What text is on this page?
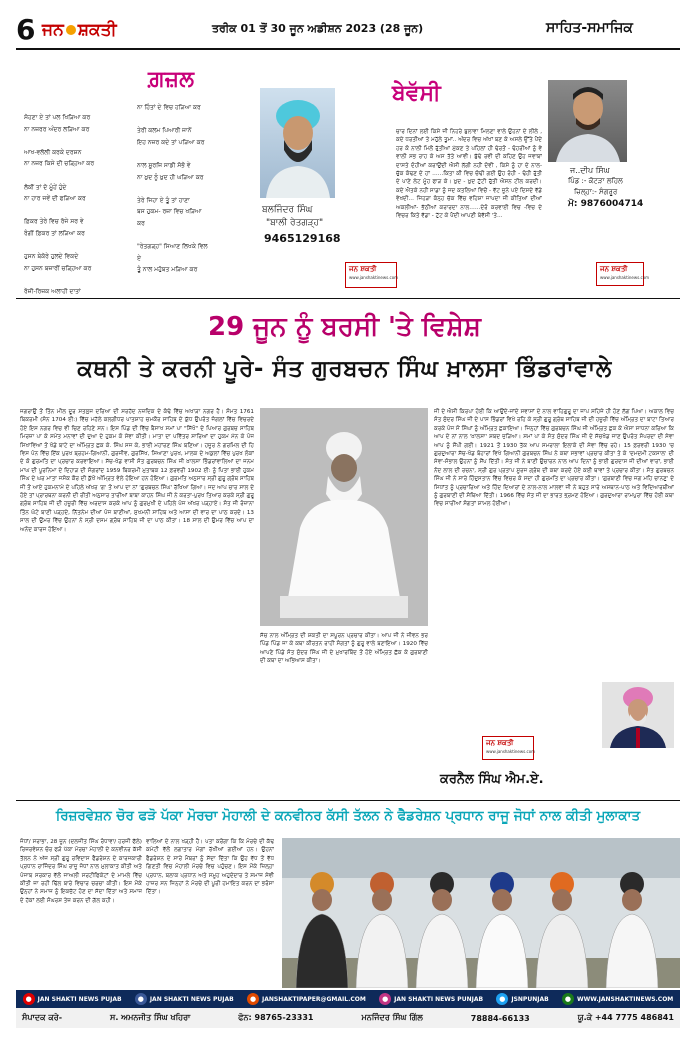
6 ਜਨ ਸ਼ਕਤੀ	ਤਰੀਕ 01 ਤੋਂ 30 ਜੂਨ ਅਡੀਸ਼ਨ 2023 (28 ਜੂਨ)	ਸਾਹਿਤ-ਸਮਾਜਿਕ
ਗ਼ਜ਼ਲ
ਸੋਹਣਾ ਏ ਤਾਂ ਪਲ ਖਿੜਿਆ ਕਰ
ਨਾ ਨਜ਼ਰਰ ਅੰਦਰ ਲੜਿਆ ਕਰ

ਆਖ-ਵਲੱਲੀ ਕਰਕੇ ਦਰਸ਼ਨ
ਨਾ ਨਜ਼ਰ ਕਿਸੇ ਦੀ ਚੜ੍ਹਿਆ ਕਰ

ਲੋਕੀਂ ਤਾਂ ਦੋ ਮੂੰਹੇਂ ਹੁੰਦੇ
ਨਾ ਹਾਰ ਜਵੇਂ ਦੀ ਫੜਿਆ ਕਰ

ਫ਼ਿਕਰ ਤੇਰੇ ਵਿਚ ਰੱਜੇ ਸਰ ਵੇ
ਰੰਗੀਂ ਫ਼ਿਕਰ ਤਾਂ ਲੜਿਆ ਕਰ

ਹੁਸਨ ਬੇਕੋਰੇ ਹੁਲਦੇ ਵਿਕਦੇ
ਨਾ ਹੁਸਨ ਬਜ਼ਾਰੀਂ ਚੜ੍ਹਿਆ ਕਰ

ਰੋਜ਼ੀ-ਰਿਜ਼ਕ ਅਲਾਹੀ ਦਾਤਾਂ
ਨਾ ਹਿੰਤਾਂ ਦੇ ਵਿਚ ਹੜਿਆ ਕਰ

ਤੇਰੀ ਕਲਮ ਪਿਆਰੀ ਜਾਨੋਂ
ਇਹ ਨਜ਼ਰ ਕਦੇ ਤਾਂ ਪੜਿਆ ਕਰ

ਨਾਲ ਸੂਰਜਿ ਸਾਡੀ ਸੱਭੋ ਵੇ
ਨਾ ਖ਼ੁਦ ਨੂੰ ਖ਼ੁਦ ਹੀ ਘੜਿਆ ਕਰ

ਤੇਰੇ ਜਿਹਾ ਏ ਤੂੰ ਤਾਂ ਹਾਣਾ
ਬਸ ਹੁਕਮ- ਰਜ਼ਾ ਵਿਚ ਖੜਿਆ
ਕਰ

"ਰੇਤਗੜ੍ਹ" ਸਿਆਣ ਲਿਖਕੇ ਵਿਲ
ਏ
ਤੂੰ ਨਾਲ ਮਹੁੱਬਤ ਮੜਿਆ ਕਰ
ਬਲਜਿੰਦਰ ਸਿੰਘ
"ਬਾਲੀ ਰੇਤਗੜ੍ਹ"
9465129168
ਜਨ ਸ਼ਕਤੀ
www.janshaktinews.com
ਬੇਵੱਸੀ
ਚਾਰ ਦਿਨਾਂ ਲਈ ਕਿਸੇ ਜੀ ਨਿਹਰੇ ਬੁਲਾਵਾ ਮਿਲਣਾ ਵਾਲੇ ਉਹਨਾਂ ਦੇ ਲੀਲੇ , ਕਦੇ ਧਰਤੀਆਂ ਤੇ ਮਹੁੱਲੇ ਤੂਮਾਂ.. ਅੰਦਰ ਵਿਚ ਅੱਖਾਂ ਬਣ ਕੇ ਅਸਲੇ ਉੱਤੇ ਪੈਂਦੇ ਹਰ ਕੋ ਨਾਲੀ ਮਿਲੋਂ ਰੁੱਤੀਆਂ ਮੁੱਕਣ ਤੇ ਪਹਿਲਾਂ ਹੀ ਢੇਰਤੋਂ - ਢੋਹਰੀਆਂ ਨੂੰ ਵੇ ਵਾਲੀ ਸਭ ਰਾਹ ਕੇ ਅਸ ਤੱਤੇ ਆਵੀ। ਬੁੱਢੇ ਰਵੀ ਦੀ ਕਹਿਣ ਉਹ ਜਵਾਬਾਂ ਦਾਸਤੇ ਦੋਹੀਆਂ ਕਰਾਉਂਦੀ ਐਸੀ ਲੱਗੀ ਨਹੀਂ ਦੋਵੀਂ , ਕਿਸੇ ਨੂੰ ਹਾ ਦੇ ਨਾਲ-ਚੁੱਕ ਕੰਢਣ ਦੇ ਹਾਂ ……ਕਿਤਾ ਕੀ ਵਿਚ ਚੰਢੀ ਗਈ ਉਹ ਰੋਹੀ - ਢੋਹੀ ਰੁੱਤੀ ਦੇ ਪਾਣੇ ਲੇਟ ਮੂੰਹ ਫਾੜ ਕੇ। ਖ਼ੁਦ - ਖ਼ੁਦ ਟੁੱਟੀ ਰੁੱਤੀ ਐਸਨ ਟੀਲ ਕਰਦੀ। ਕਦੇ ਐਤਕੇ ਨਹੀਂ ਸਾਡਾ ਨੂੰ ਜਦ ਕਤਲਿਆਂ ਵਿਚੋਂ - ਵੱਟ ਜੂਨੇ ਪਏ ਦਿਸਦੇ ਵੱਡੇ ਵੇਖਦੀ… ਜਿਹੜਾ ਕੰਨ੍ਹ ਚੱਕ ਵਿੱਚ ਵਹਿਸ਼ਾ ਜਾਪਦਾ ਜੀ ਕੀਤਿਆਂ ਦੀਆਂ ਅਕਲੀਆਂ- ਭੱਠੀਆਂ ਕਰਾਰਦਾ ਨਾਲ……ਦੇਰੋ ਕਰਵਾਈ ਵਿਚ -ਵਿਚ ਦੇ ਵਿਚਰ ਕਿਤੇ ਵੱਡਾ - ਟੁੱਟ ਕੇ ਪੈਂਦੀ ਆਪਣੀ ਬੇਵੱਸੀ 'ਤੇ…
ਜ..ਦੀਪ ਸਿੰਘ
ਪਿੰਡ :- ਕੋਟੜਾ ਲਹਿਲ
ਜ਼ਿਲ੍ਹਾ:- ਸੰਗਰੂਰ
ਮੋ: 9876004714
ਜਨ ਸ਼ਕਤੀ
www.janshaktinews.com
29 ਜੂਨ ਨੂੰ ਬਰਸੀ 'ਤੇ ਵਿਸ਼ੇਸ਼
ਕਥਨੀ ਤੇ ਕਰਨੀ ਪੂਰੇ- ਸੰਤ ਗੁਰਬਚਨ ਸਿੰਘ ਖ਼ਾਲਸਾ ਭਿੰਡਰਾਂਵਾਲੇ
ਜਗਰਾਉਂ ਤੋਂ ਤਿੰਨ ਮੀਲ ਦੂਰ ਸਤਲੁਜ ਦਰਿਆ ਦੀ ਸਰਹੱਦ ਨਜ਼ਦਿਕ ਦੇ ਕੰਢੇ ਵਿੱਚ ਅਖਾੜਾ ਨਗਰ ਹੈ। ਸੰਮਤ 1761 ਬਿਕਰਮੀ (ਸੰਨ 1704 ਈ:) ਵਿੱਚ ਮਹੱਲੇ ਕਲਗੀਧਰ ਪਾਤਸ਼ਾਹ ਚਮਕੌਰ ਸਾਹਿਬ ਦੇ ਯੁੱਧ ਉਪਰੰਤ ਜੰਗਲਾਂ ਵਿੱਚ ਵਿਚਰਦੇ ਹੋਏ ਇਸ ਨਗਰ ਵਿਚ ਵੀ ਚਿਣ ਰਹਿਣੇ ਸਨ। ਇਸ ਪਿੰਡ ਦੀ ਵਿੱਚ ਬੈਸਾਖ ਸਮਾਂ ਪਾ "ਸਿੱਖੋ" ਦੇ ਪਿਆਰ ਗੁਰਬਚ ਸਾਹਿਬ ਮਿਰਜ਼ਾ ਪਾ ਕੇ ਸਮੇਂਤ ਮਨਾਵਾਂ ਦੀ ਦੁਆ ਦੇ ਹੁਕਮ ਕੋ ਸੇਵਾ ਕੀਤੀ। ਮਾਤਾ ਦਾ ਪਵਿੱਤਰ ਸਾਰਿਆਂ ਦਾ ਹੁਕਮ ਮੱਨ ਕੇ ਪੰਜ ਸਿਖਾਵਿਆਂ ਤੋਂ ਖੰਡੇ ਬਾਟੇ ਦਾ ਅੰਮ੍ਰਿਤ ਛਕ ਕੇ. ਸਿੰਘ ਸਜ ਕੇ, ਭਾਈ ਮਹਾਂਰਣ ਸਿੰਘ ਬਣਿਆ। ਹਜੂਰ ਨੇ ਗਰਮਿਲ ਦੀ ਹਿ ਵਿਸ ਪੰਨ ਵਿੱਚ ਇੱਕ ਪੁਰਖ ਬ੍ਰਹਮ-ਗਿਆਨੀ, ਗੁਰਜੀਵ, ਗੁਰਸਿੱਖ, ਸਿਆਣਾ ਪੁਰਖ, ਮਾਲਕ ਦੇ ਅਕੁਲਾਂ ਵਿੱਚ ਪੁਰਖ ਲੋਕਾਂ ਦੇ ਕੋ ਗੁਰਮਤਿ ਦਾ ਪ੍ਰਚਾਰ ਕਰਵਾਇਆ। ਸੱਚ-ਖੰਡ ਵਾਸੀ ਸੰਤ ਗੁਰਬਚਨ ਸਿੰਘ ਜੀ ਖ਼ਾਲਸਾ ਭਿੰਡਰਾਂਵਾਲਿਆਂ ਦਾ ਜਨਮ ਮਾਘ ਦੀ ਪੂਰਨਿਮਾ ਦੇ ਦਿਹਾੜ ਦੀ ਸੰਗਰਾਂਦ 1959 ਬਿਕਰਮੀ ਮੁਤਾਬਕ 12 ਫ਼ਰਵਰੀ 1902 ਈ: ਨੂੰ ਪਿਤਾ ਭਾਈ ਹੁਕਮ ਸਿੰਘ ਦੇ ਘਰ ਮਾਤਾ ਜਸੋਕ ਕੌਰ ਦੀ ਕੁੱਖੋਂ ਅੰਮ੍ਰਿਤ ਵੇਲੇ ਹੋਇਆ ਹਨ ਹੋਇਆ। ਗੁਰਮਤਿ ਅਨੁਸਾਰ ਸ੍ਰੀ ਗੁਰੂ ਗ੍ਰੰਥ ਸਾਹਿਬ ਜੀ ਤੋਂ ਆਏ ਹੁਕਮਨਾਮੇ ਦੇ ਪਹਿਲੇ ਅੱਖਰ 'ਗ' ਤੋਂ ਆਪ ਦਾ ਨਾਂ 'ਗੁਰਬਚਨ ਸਿੰਘ' ਰੱਖਿਆ ਗਿਆ। ਜਦ ਆਪ ਚਾਰ ਸਾਲ ਦੇ ਹੋਏ ਤਾਂ ਪ੍ਰਾਰਥਨਾ ਕਰਨੀ ਦੀ ਰੀਤੀ ਅਨੁਸਾਰ ਤਾਰੀਆਂ ਬਾਬਾ ਕਾਹਨ ਸਿੰਘ ਜੀ ਨੇ ਕਰਤਾ-ਪੁਰਖ ਤਿਆਰ ਕਰਕੇ ਸ੍ਰੀ ਗੁਰੂ ਗ੍ਰੰਥ ਸਾਹਿਬ ਜੀ ਦੀ ਹਜ਼ੂਰੀ ਵਿੱਚ ਅਰਦਾਸ ਕਰਕੇ ਆਪ ਨੂੰ ਗੁਰਮੁਖੀ ਦੇ ਪਹਿਲੇ ਪੰਜ ਅੱਖਰ ਪੜ੍ਹਾਏ। ਸੰਤ ਜੀ ਰੋਜ਼ਾਨਾ ਤਿੰਨ ਘੰਟੇ ਬਾਣੀ ਪੜ੍ਹਦੇ, ਨਿੱਤਨੇਮ ਦੀਆਂ ਪੰਜ ਬਾਣੀਆਂ, ਸੁਖਮਨੀ ਸਾਹਿਬ ਅਤੇ ਆਸਾ ਦੀ ਵਾਰ ਦਾ ਪਾਠ ਕਰਦੇ। 13 ਸਾਲ ਦੀ ਉਮਰ ਵਿੱਚ ਉਹਨਾਂ ਨੇ ਸ੍ਰੀ ਦਸਮ ਗ੍ਰੰਥ ਸਾਹਿਬ ਜੀ ਦਾ ਪਾਠ ਕੀਤਾ। 18 ਸਾਲ ਦੀ ਉਮਰ ਵਿੱਚ ਆਪ ਦਾ ਅਨੰਦ ਕਾਰਜ ਹੋਇਆ।
ਸੱਚ ਨਾਲ ਅੰਮ੍ਰਿਤ ਦੀ ਸ਼ਕਤੀ ਦਾ ਸਪੂਰਨ ਪ੍ਰਚਾਰ ਕੀਤਾ। ਆਪ ਜੀ ਨੇ ਜੀਵਨ ਭਰ ਪਿੰਡ ਪਿੰਡ ਜਾ ਕੇ ਕਥਾ ਕੀਰਤਨ ਰਾਹੀਂ ਸੰਗਤਾਂ ਨੂੰ ਗੁਰੂ ਵਾਲੇ ਬਣਾਇਆ। 1920 ਵਿੱਚ ਆਪਣੇ ਪਿੰਡੇ ਸੰਤ ਸੁੰਦਰ ਸਿੰਘ ਜੀ ਦੇ ਮੁਖਾਰਬਿੰਦ ਤੋਂ ਹੋਏ ਅੰਮ੍ਰਿਤ ਛੱਕ ਕੇ ਗੁਰਬਾਣੀ ਦੀ ਕਥਾ ਦਾ ਅਭਿਆਸ ਕੀਤਾ।
ਜੀ ਦੇ ਐਸੀ ਕਿਰਪਾ ਹੋਈ ਕਿ ਆਉਂਦੇ-ਜਾਂਦੇ ਸਵਾਸਾਂ ਦੇ ਨਾਲ ਵਾਹਿਗੁਰੂ ਦਾ ਜਾਪ ਸਹਿਜੇ ਹੀ ਹੋਣ ਲੱਗ ਪਿਆ। ਅਕਾਲ ਵਿਚ ਸੰਤ ਸੁੰਦਰ ਸਿੰਘ ਜੀ ਦੇ ਪਾਸ ਭਿੰਡਰਾਂ ਵਿਖੇ ਰਹਿ ਕੇ ਸ੍ਰੀ ਗੁਰੂ ਗ੍ਰੰਥ ਸਾਹਿਬ ਜੀ ਦੀ ਹਜ਼ੂਰੀ ਵਿੱਚ ਅੰਮ੍ਰਿਤ ਦਾ ਬਾਟਾ ਤਿਆਰ ਕਰਕੇ ਪੰਜ ਸੋਂ ਸਿੰਘਾਂ ਨੂੰ ਅੰਮ੍ਰਿਤ ਛਕਾਇਆ। ਜਿਨ੍ਹਾਂ ਵਿੱਚ ਗੁਰਬਚਨ ਸਿੰਘ ਜੀ ਅੰਮ੍ਰਿਤ ਛਕ ਕੇ ਐਸਾ ਸਾਧਨਾ ਕਰਿਆ ਕਿ ਆਪ ਦੇ ਨਾਂ ਨਾਲ 'ਖ਼ਾਲਸਾ' ਸ਼ਬਦ ਜੁੜਿਆ। ਸਮਾਂ ਪਾ ਕੇ ਸੰਤ ਸੁੰਦਰ ਸਿੰਘ ਜੀ ਦੇ ਸੱਚਖੰਡ ਜਾਣ ਉਪਰੰਤ ਸੰਪਰਦਾ ਦੀ ਸੇਵਾ ਆਪ ਨੂੰ ਸੌਂਪੀ ਗਈ। 1921 ਤੋਂ 1930 ਤੱਕ ਆਪ ਸਮਰਾਲਾ ਇਲਾਕੇ ਦੀ ਸੇਵਾ ਵਿੱਚ ਰਹੇ। 15 ਫ਼ਰਵਰੀ 1930 'ਚ ਗੁਰਦੁਆਰਾ ਸੱਚ-ਖੰਡ ਬੋਹਾਰਾਂ ਵਿਖੇ ਗਿਆਨੀ ਗੁਰਬਚਨ ਸਿੰਘ ਨੇ ਕਥਾ ਸਭਾਵਾਂ ਪ੍ਰਚਾਰ ਕੀਤਾ ਤੇ ਕੇ 'ਦਮਦਮੀ ਟਕਸਾਲ' ਦੀ ਸੇਵਾ-ਸੰਭਾਲ ਉਹਨਾਂ ਨੂੰ ਸੌਂਪ ਦਿੱਤੀ। ਸੰਤ ਜੀ ਨੇ ਬਾਣੀ ਉਚਾਰਨ ਨਾਲ ਆਪ ਦਿਨਾਂ ਨੂੰ ਭਾਈ ਗੁਰਦਾਸ ਜੀ ਦੀਆਂ ਵਾਰਾਂ, ਭਾਈ ਨੰਦ ਲਾਲ ਦੀ ਰਚਨਾ, ਸ੍ਰੀ ਗੁਰ ਪ੍ਰਤਾਪ ਸੂਰਜ ਗ੍ਰੰਥ ਦੀ ਕਥਾ ਕਰਦੇ ਹੋਏ ਕਈ ਥਾਵਾਂ ਤੇ ਪ੍ਰਚਾਰ ਕੀਤਾ। ਸੰਤ ਗੁਰਬਚਨ ਸਿੰਘ ਜੀ ਨੇ ਸਾਰੇ ਹਿੰਦੁਸਤਾਨ ਵਿੱਚ ਵਿਚਰ ਕੇ ਸਦਾ ਹੀ ਗੁਰਮਤਿ ਦਾ ਪ੍ਰਚਾਰ ਕੀਤਾ। 'ਗੁਰਬਾਣੀ ਵਿਚ ਜਗ ਮਹਿ ਚਾਨਣੁ' ਦੇ ਸਿਧਾਂਤ ਨੂੰ ਪ੍ਰਚਾਰਿਆ ਅਤੇ ਹਿੰਦ ਦਿਆਰਾਂ ਦੇ ਨਾਲ-ਨਾਲ ਮਾਲਵਾ ਜੀ ਨੇ ਬਹੁਤ ਸਾਰੇ ਅਸਥਾਨ-ਪਾਠ ਅਤੇ ਵਿਦਿਆਰਥੀਆਂ ਨੂੰ ਗੁਰਬਾਣੀ ਦੀ ਸੰਥਿਆ ਦਿੱਤੀ। 1966 ਵਿੱਚ ਸੰਤ ਜੀ ਦਾ ਭਾਰਤ ਭ੍ਰਮਣ ਹੋਇਆ। ਗੁਰਦੁਆਰਾ ਰਾਮਪੁਰਾ ਵਿੱਚ ਹੋਈ ਕਥਾ ਵਿਚ ਸਾਰੀਆਂ ਸੰਗਤਾਂ ਸ਼ਾਮਲ ਹੋਈਆਂ।
ਜਨ ਸ਼ਕਤੀ
www.janshaktinews.com
ਕਰਨੈਲ ਸਿੰਘ ਐਮ.ਏ.
ਰਿਜ਼ਰਵੇਸ਼ਨ ਚੋਰ ਫੜੋ ਪੱਕਾ ਮੋਰਚਾ ਮੋਹਾਲੀ ਦੇ ਕਨਵੀਨਰ ਕੱਸੀ ਤੱਲਨ ਨੇ ਫੈਡਰੇਸ਼ਨ ਪ੍ਰਧਾਨ ਰਾਜੂ ਜੋਧਾਂ ਨਾਲ ਕੀਤੀ ਮੁਲਾਕਾਤ
ਜੋਧਾਂ/ ਸਰਾਭਾ, 28 ਜੂਨ (ਦਲਜੀਤ ਸਿੰਘ ਰੰਧਾਵਾ/ ਹਰਜੀ ਫੱਲੇ) ਰਿਜ਼ਰਵੇਸ਼ਨ ਚੋਰ ਫੜੋ ਪੱਕਾ ਮੋਰਚਾ ਮੋਹਾਲੀ ਦੇ ਕਨਵੀਨਰ ਕੱਸੀ ਤੱਲਨ ਨੇ ਅੱਜ ਸ੍ਰੀ ਗੁਰੂ ਰਵਿਦਾਸ ਫੈਡਰੇਸ਼ਨ ਦੇ ਕਾਰਜਕਾਰੀ ਪ੍ਰਧਾਨ ਰਾਜਿੰਦਰ ਸਿੰਘ ਰਾਜੂ ਜੋਧਾਂ ਨਾਲ ਮੁਲਾਕਾਤ ਕੀਤੀ ਅਤੇ ਪੰਜਾਬ ਸਰਕਾਰ ਵੱਲੋਂ ਜਾਅਲੀ ਸਰਟੀਫਿਕੇਟਾਂ ਦੇ ਮਾਮਲੇ ਵਿੱਚ ਕੀਤੀ ਜਾ ਰਹੀ ਢਿੱਲ ਬਾਰੇ ਵਿਚਾਰ ਚਰਚਾ ਕੀਤੀ। ਇਸ ਮੌਕੇ ਉਨ੍ਹਾਂ ਨੇ ਸਮਾਜ ਨੂੰ ਇਕਜੁੱਟ ਹੋਣ ਦਾ ਸੱਦਾ ਦਿੱਤਾ ਅਤੇ ਸਮਾਜ ਦੇ ਹੱਕਾਂ ਲਈ ਸੰਘਰਸ਼ ਤੇਜ਼ ਕਰਨ ਦੀ ਗੱਲ ਕਹੀ।
ਵਾਲਿਆਂ ਦੇ ਨਾਲ ਖੜ੍ਹੀ ਹੈ। ਪਤਾ ਕਰੋਂਗਾ ਕਿ ਕਿ ਮੋਰਚੇ ਦੀ ਕੱਢ ਕਮੇਟੀ ਵੱਲੋਂ ਲਗਾਤਾਰ ਮੰਗਾਂ ਰੱਖੀਆਂ ਗਈਆਂ ਹਨ। ਉਹਨਾਂ ਫੈਡਰੇਸ਼ਨ ਦੇ ਸਾਰੇ ਮੈਂਬਰਾਂ ਨੂੰ ਸੱਦਾ ਦਿੱਤਾ ਕਿ ਉਹ ਵੱਧ ਤੋਂ ਵੱਧ ਗਿਣਤੀ ਵਿਚ ਮੋਹਾਲੀ ਮੋਰਚੇ ਵਿਚ ਪਹੁੰਚਣ। ਇਸ ਮੌਕੇ ਜ਼ਿਲ੍ਹਾ ਪ੍ਰਧਾਨ, ਬਲਾਕ ਪ੍ਰਧਾਨ ਅਤੇ ਸਮੂਹ ਅਹੁਦੇਦਾਰ ਤੇ ਸਮਾਜ ਸੇਵੀ ਹਾਜ਼ਰ ਸਨ ਜਿਨ੍ਹਾਂ ਨੇ ਮੋਰਚੇ ਦੀ ਪੂਰੀ ਹਮਾਇਤ ਕਰਨ ਦਾ ਭਰੋਸਾ ਦਿੱਤਾ।
● JAN SHAKTI NEWS PUJAB	● JAN SHAKTI NEWS PUJAB	● JANSHAKTIPAPER@GMAIL.COM	● JAN SHAKTI NEWS PUNJAB	● JSNPUNJAB	● WWW.JANSHAKTINEWS.COM
ਸੰਪਾਦਕ ਕਰੇ-	ਸ. ਅਮਨਜੀਤ ਸਿੰਘ ਖਹਿਰਾ	ਫੋਨ: 98765-23331	ਮਨਜਿੰਦਰ ਸਿੰਘ ਗਿੱਲ	78884-66133	ਯੂ.ਕੇ +44 7775 486841
